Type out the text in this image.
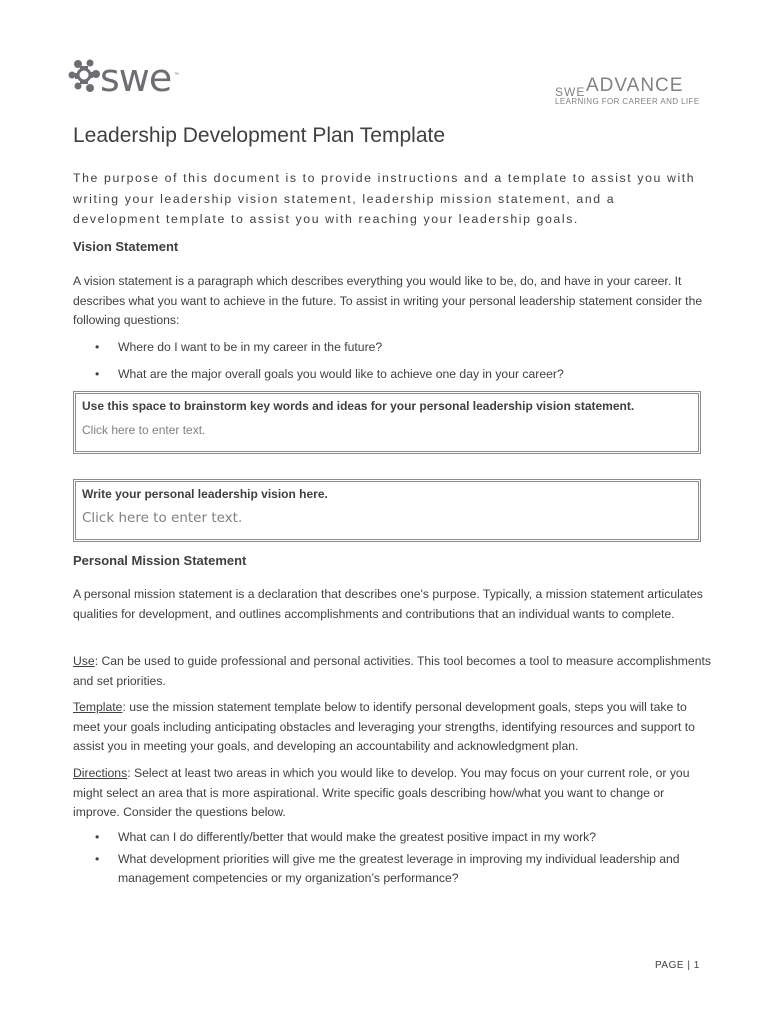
swe ™
SWE ADVANCE
LEARNING FOR CAREER AND LIFE
Leadership Development Plan Template

The purpose of this document is to provide instructions and a template to assist you with writing your leadership vision statement, leadership mission statement, and a development template to assist you with reaching your leadership goals.

Vision Statement

A vision statement is a paragraph which describes everything you would like to be, do, and have in your career. It describes what you want to achieve in the future. To assist in writing your personal leadership statement consider the following questions:

• Where do I want to be in my career in the future?
• What are the major overall goals you would like to achieve one day in your career?
Use this space to brainstorm key words and ideas for your personal leadership vision statement.
Click here to enter text.
Write your personal leadership vision here.
Click here to enter text.
Personal Mission Statement

A personal mission statement is a declaration that describes one's purpose. Typically, a mission statement articulates qualities for development, and outlines accomplishments and contributions that an individual wants to complete.

Use: Can be used to guide professional and personal activities. This tool becomes a tool to measure accomplishments and set priorities.

Template: use the mission statement template below to identify personal development goals, steps you will take to meet your goals including anticipating obstacles and leveraging your strengths, identifying resources and support to assist you in meeting your goals, and developing an accountability and acknowledgment plan.

Directions: Select at least two areas in which you would like to develop. You may focus on your current role, or you might select an area that is more aspirational. Write specific goals describing how/what you want to change or improve. Consider the questions below.

• What can I do differently/better that would make the greatest positive impact in my work?
• What development priorities will give me the greatest leverage in improving my individual leadership and management competencies or my organization’s performance?
PAGE | 1
